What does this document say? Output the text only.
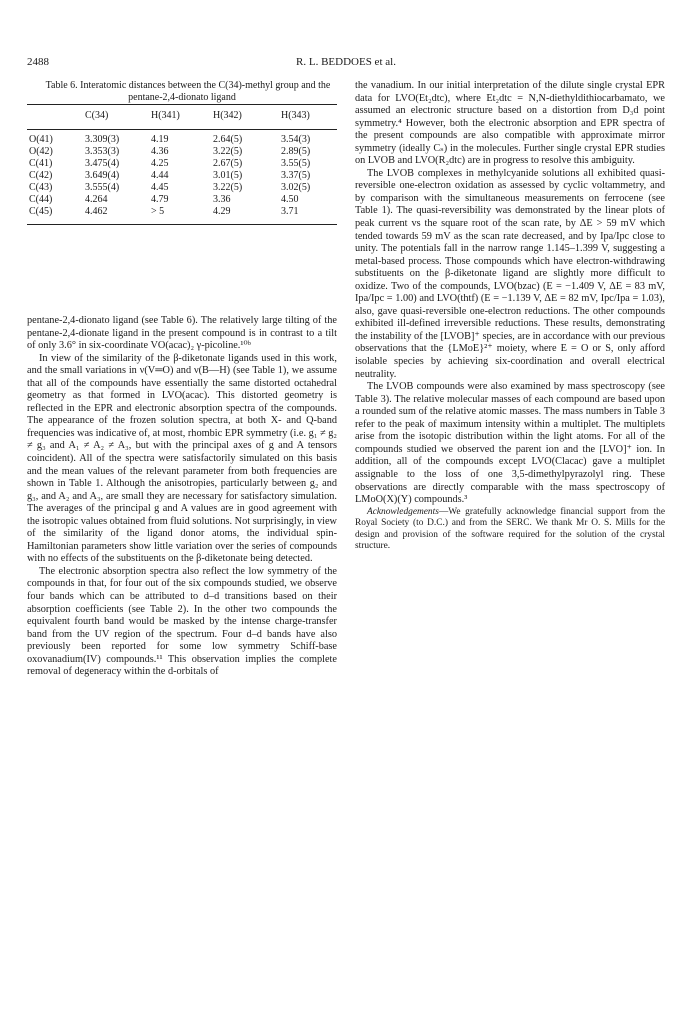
2488	R. L. BEDDOES et al.

Table 6. Interatomic distances between the C(34)-methyl group and the pentane-2,4-dionato ligand

	C(34)	H(341)	H(342)	H(343)
O(41)	3.309(3)	4.19	2.64(5)	3.54(3)
O(42)	3.353(3)	4.36	3.22(5)	2.89(5)
C(41)	3.475(4)	4.25	2.67(5)	3.55(5)
C(42)	3.649(4)	4.44	3.01(5)	3.37(5)
C(43)	3.555(4)	4.45	3.22(5)	3.02(5)
C(44)	4.264	4.79	3.36	4.50
C(45)	4.462	> 5	4.29	3.71

pentane-2,4-dionato ligand (see Table 6). The relatively large tilting of the pentane-2,4-dionate ligand in the present compound is in contrast to a tilt of only 3.6° in six-coordinate VO(acac)₂ γ-picoline.¹⁰ᵇ

In view of the similarity of the β-diketonate ligands used in this work, and the small variations in ν(V═O) and ν(B—H) (see Table 1), we assume that all of the compounds have essentially the same distorted octahedral geometry as that formed in LVO(acac). This distorted geometry is reflected in the EPR and electronic absorption spectra of the compounds. The appearance of the frozen solution spectra, at both X- and Q-band frequencies was indicative of, at most, rhombic EPR symmetry (i.e. g₁ ≠ g₂ ≠ g₃ and A₁ ≠ A₂ ≠ A₃, but with the principal axes of g and A tensors coincident). All of the spectra were satisfactorily simulated on this basis and the mean values of the relevant parameter from both frequencies are shown in Table 1. Although the anisotropies, particularly between g₂ and g₃, and A₂ and A₃, are small they are necessary for satisfactory simulation. The averages of the principal g and A values are in good agreement with the isotropic values obtained from fluid solutions. Not surprisingly, in view of the similarity of the ligand donor atoms, the individual spin-Hamiltonian parameters show little variation over the series of compounds with no effects of the substituents on the β-diketonate being detected.

The electronic absorption spectra also reflect the low symmetry of the compounds in that, for four out of the six compounds studied, we observe four bands which can be attributed to d–d transitions based on their absorption coefficients (see Table 2). In the other two compounds the equivalent fourth band would be masked by the intense charge-transfer band from the UV region of the spectrum. Four d–d bands have also previously been reported for some low symmetry Schiff-base oxovanadium(IV) compounds.¹¹ This observation implies the complete removal of degeneracy within the d-orbitals of

the vanadium. In our initial interpretation of the dilute single crystal EPR data for LVO(Et₂dtc), where Et₂dtc = N,N-diethyldithiocarbamato, we assumed an electronic structure based on a distortion from D₃d point symmetry.⁴ However, both the electronic absorption and EPR spectra of the present compounds are also compatible with approximate mirror symmetry (ideally Cₛ) in the molecules. Further single crystal EPR studies on LVOB and LVO(R₂dtc) are in progress to resolve this ambiguity.

The LVOB complexes in methylcyanide solutions all exhibited quasi-reversible one-electron oxidation as assessed by cyclic voltammetry, and by comparison with the simultaneous measurements on ferrocene (see Table 1). The quasi-reversibility was demonstrated by the linear plots of peak current vs the square root of the scan rate, by ΔE > 59 mV which tended towards 59 mV as the scan rate decreased, and by Ipa/Ipc close to unity. The potentials fall in the narrow range 1.145–1.399 V, suggesting a metal-based process. Those compounds which have electron-withdrawing substituents on the β-diketonate ligand are slightly more difficult to oxidize. Two of the compounds, LVO(bzac) (E = −1.409 V, ΔE = 83 mV, Ipa/Ipc = 1.00) and LVO(thtf) (E = −1.139 V, ΔE = 82 mV, Ipc/Ipa = 1.03), also, gave quasi-reversible one-electron reductions. The other compounds exhibited ill-defined irreversible reductions. These results, demonstrating the instability of the [LVOB]⁺ species, are in accordance with our previous observations that the {LMoE}²⁺ moiety, where E = O or S, only afford isolable species by achieving six-coordination and overall electrical neutrality.

The LVOB compounds were also examined by mass spectroscopy (see Table 3). The relative molecular masses of each compound are based upon a rounded sum of the relative atomic masses. The mass numbers in Table 3 refer to the peak of maximum intensity within a multiplet. The multiplets arise from the isotopic distribution within the light atoms. For all of the compounds studied we observed the parent ion and the [LVO]⁺ ion. In addition, all of the compounds except LVO(Clacac) gave a multiplet assignable to the loss of one 3,5-dimethylpyrazolyl ring. These observations are directly comparable with the mass spectroscopy of LMoO(X)(Y) compounds.³

Acknowledgements—We gratefully acknowledge financial support from the Royal Society (to D.C.) and from the SERC. We thank Mr O. S. Mills for the design and provision of the software required for the solution of the crystal structure.
